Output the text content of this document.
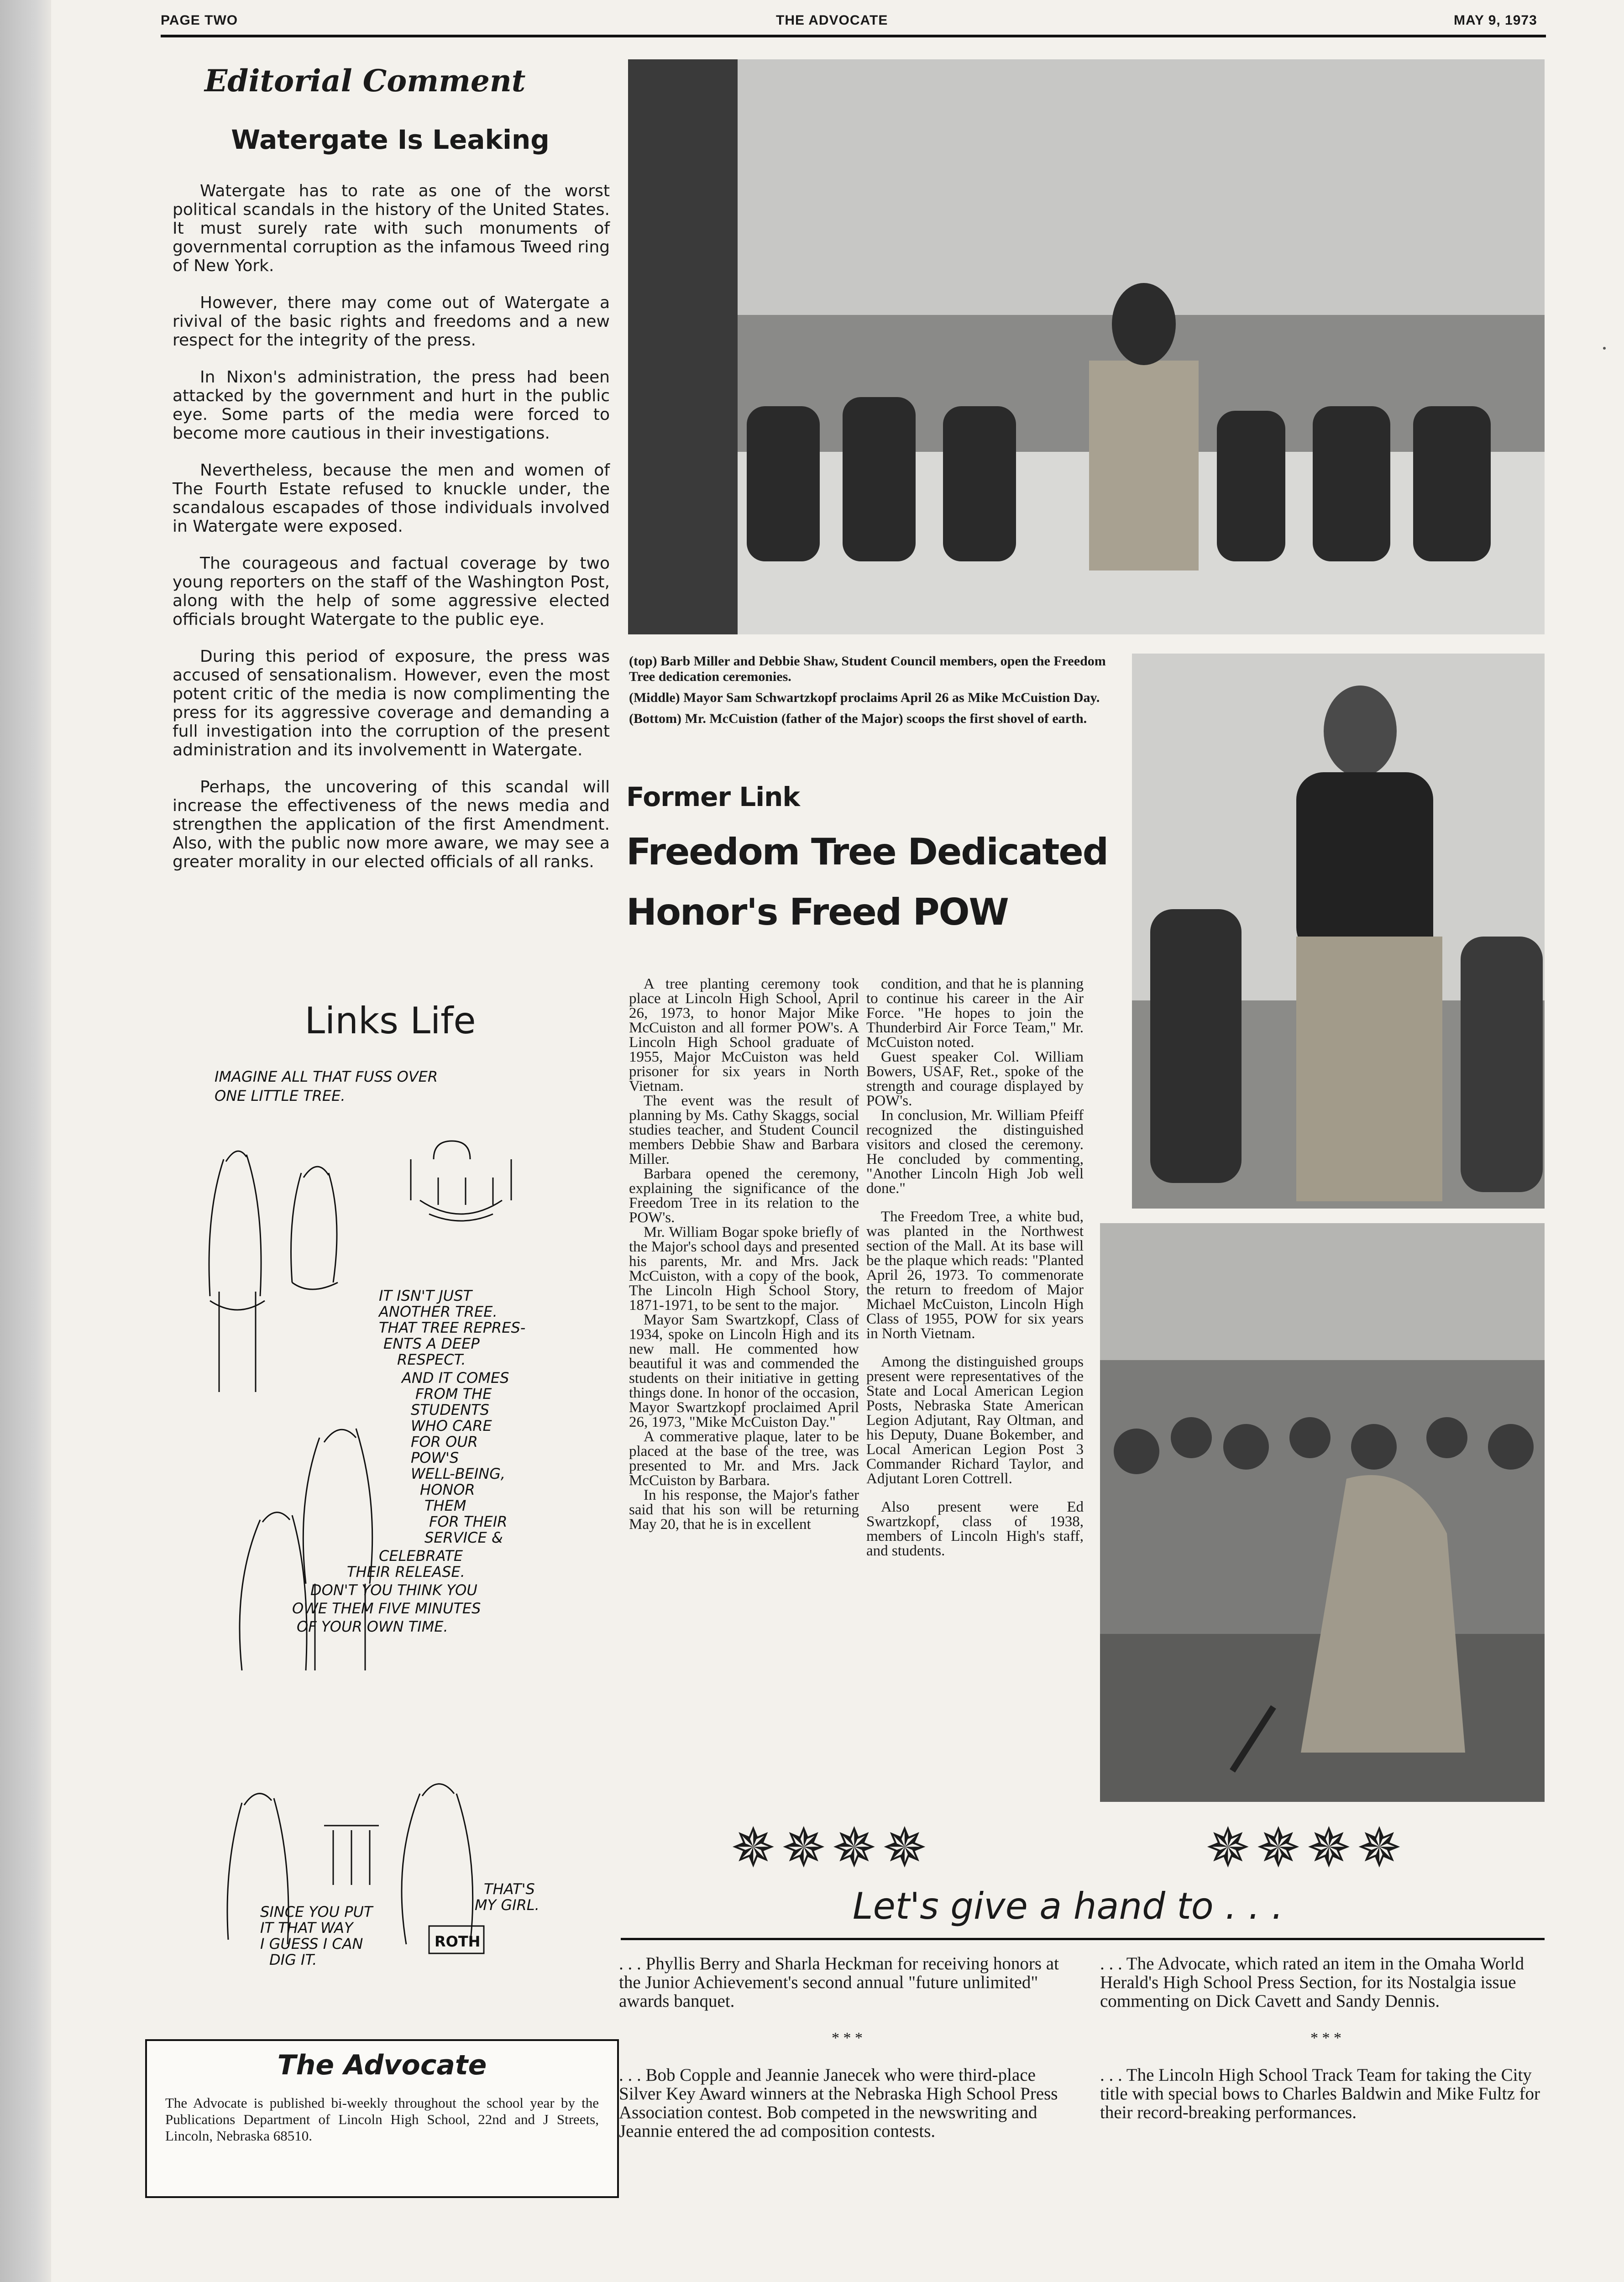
PAGE TWO	THE ADVOCATE	MAY 9, 1973
Editorial Comment
Watergate Is Leaking

Watergate has to rate as one of the worst political scandals in the history of the United States. It must surely rate with such monuments of governmental corruption as the infamous Tweed ring of New York.

However, there may come out of Watergate a rivival of the basic rights and freedoms and a new respect for the integrity of the press.

In Nixon's administration, the press had been attacked by the government and hurt in the public eye. Some parts of the media were forced to become more cautious in their investigations.

Nevertheless, because the men and women of The Fourth Estate refused to knuckle under, the scandalous escapades of those individuals involved in Watergate were exposed.

The courageous and factual coverage by two young reporters on the staff of the Washington Post, along with the help of some aggressive elected officials brought Watergate to the public eye.

During this period of exposure, the press was accused of sensationalism. However, even the most potent critic of the media is now complimenting the press for its aggressive coverage and demanding a full investigation into the corruption of the present administration and its involvementt in Watergate.

Perhaps, the uncovering of this scandal will increase the effectiveness of the news media and strengthen the application of the first Amendment. Also, with the public now more aware, we may see a greater morality in our elected officials of all ranks.

Links Life
IMAGINE ALL THAT FUSS OVER
ONE LITTLE TREE.
IT ISN'T JUST
ANOTHER TREE.
THAT TREE REPRES-
ENTS A DEEP
RESPECT.
AND IT COMES
FROM THE
STUDENTS
WHO CARE
FOR OUR
POW'S
WELL-BEING,
HONOR
THEM
FOR THEIR
SERVICE &
CELEBRATE
THEIR RELEASE.
DON'T YOU THINK YOU
OWE THEM FIVE MINUTES
OF YOUR OWN TIME.
THAT'S
MY GIRL.
SINCE YOU PUT
IT THAT WAY
I GUESS I CAN
DIG IT.
ROTH
The Advocate
The Advocate is published bi-weekly throughout the school year by the Publications Department of Lincoln High School, 22nd and J Streets, Lincoln, Nebraska 68510.

(top) Barb Miller and Debbie Shaw, Student Council members, open the Freedom Tree dedication ceremonies.

(Middle) Mayor Sam Schwartzkopf proclaims April 26 as Mike McCuistion Day.

(Bottom) Mr. McCuistion (father of the Major) scoops the first shovel of earth.

Former Link
Freedom Tree Dedicated
Honor's Freed POW

A tree planting ceremony took place at Lincoln High School, April 26, 1973, to honor Major Mike McCuiston and all former POW's. A Lincoln High School graduate of 1955, Major McCuiston was held prisoner for six years in North Vietnam.

The event was the result of planning by Ms. Cathy Skaggs, social studies teacher, and Student Council members Debbie Shaw and Barbara Miller.

Barbara opened the ceremony, explaining the significance of the Freedom Tree in its relation to the POW's.

Mr. William Bogar spoke briefly of the Major's school days and presented his parents, Mr. and Mrs. Jack McCuiston, with a copy of the book, The Lincoln High School Story, 1871-1971, to be sent to the major.

Mayor Sam Swartzkopf, Class of 1934, spoke on Lincoln High and its new mall. He commented how beautiful it was and commended the students on their initiative in getting things done. In honor of the occasion, Mayor Swartzkopf proclaimed April 26, 1973, "Mike McCuiston Day."

A commerative plaque, later to be placed at the base of the tree, was presented to Mr. and Mrs. Jack McCuiston by Barbara.

In his response, the Major's father said that his son will be returning May 20, that he is in excellent

condition, and that he is planning to continue his career in the Air Force. "He hopes to join the Thunderbird Air Force Team," Mr. McCuiston noted.

Guest speaker Col. William Bowers, USAF, Ret., spoke of the strength and courage displayed by POW's.

In conclusion, Mr. William Pfeiff recognized the distinguished visitors and closed the ceremony. He concluded by commenting, "Another Lincoln High Job well done."

The Freedom Tree, a white bud, was planted in the Northwest section of the Mall. At its base will be the plaque which reads: "Planted April 26, 1973. To commenorate the return to freedom of Major Michael McCuiston, Lincoln High Class of 1955, POW for six years in North Vietnam.

Among the distinguished groups present were representatives of the State and Local American Legion Posts, Nebraska State American Legion Adjutant, Ray Oltman, and his Deputy, Duane Bokember, and Local American Legion Post 3 Commander Richard Taylor, and Adjutant Loren Cottrell.

Also present were Ed Swartzkopf, class of 1938, members of Lincoln High's staff, and students.

✵✵✵✵	✵✵✵✵
Let's give a hand to . . .

. . . Phyllis Berry and Sharla Heckman for receiving honors at the Junior Achievement's second annual "future unlimited" awards banquet.

* * *

. . . Bob Copple and Jeannie Janecek who were third-place Silver Key Award winners at the Nebraska High School Press Association contest. Bob competed in the newswriting and Jeannie entered the ad composition contests.

. . . The Advocate, which rated an item in the Omaha World Herald's High School Press Section, for its Nostalgia issue commenting on Dick Cavett and Sandy Dennis.

* * *

. . . The Lincoln High School Track Team for taking the City title with special bows to Charles Baldwin and Mike Fultz for their record-breaking performances.
